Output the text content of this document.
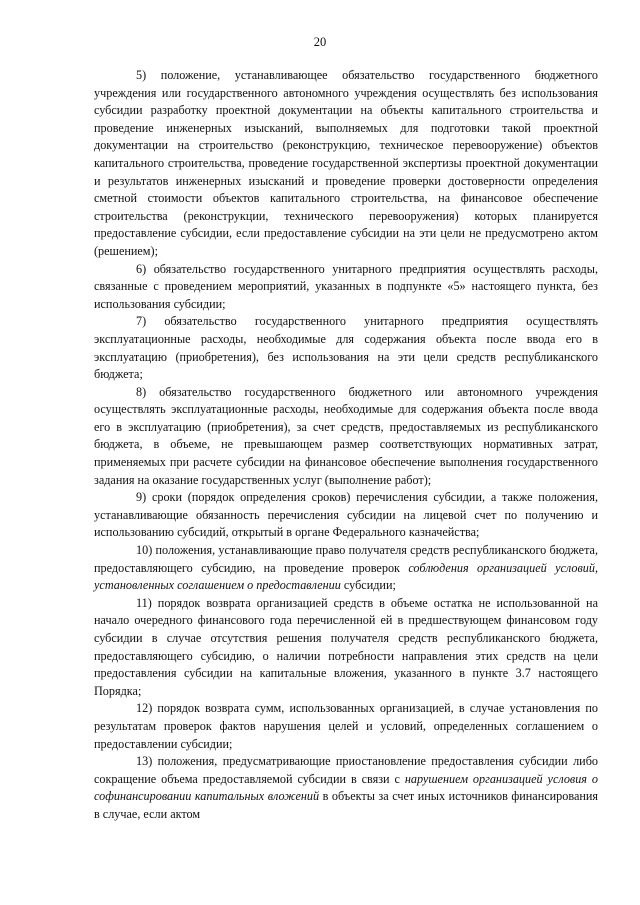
20

5) положение, устанавливающее обязательство государственного бюджетного учреждения или государственного автономного учреждения осуществлять без использования субсидии разработку проектной документации на объекты капитального строительства и проведение инженерных изысканий, выполняемых для подготовки такой проектной документации на строительство (реконструкцию, техническое перевооружение) объектов капитального строительства, проведение государственной экспертизы проектной документации и результатов инженерных изысканий и проведение проверки достоверности определения сметной стоимости объектов капитального строительства, на финансовое обеспечение строительства (реконструкции, технического перевооружения) которых планируется предоставление субсидии, если предоставление субсидии на эти цели не предусмотрено актом (решением);

6) обязательство государственного унитарного предприятия осуществлять расходы, связанные с проведением мероприятий, указанных в подпункте «5» настоящего пункта, без использования субсидии;

7) обязательство государственного унитарного предприятия осуществлять эксплуатационные расходы, необходимые для содержания объекта после ввода его в эксплуатацию (приобретения), без использования на эти цели средств республиканского бюджета;

8) обязательство государственного бюджетного или автономного учреждения осуществлять эксплуатационные расходы, необходимые для содержания объекта после ввода его в эксплуатацию (приобретения), за счет средств, предоставляемых из республиканского бюджета, в объеме, не превышающем размер соответствующих нормативных затрат, применяемых при расчете субсидии на финансовое обеспечение выполнения государственного задания на оказание государственных услуг (выполнение работ);

9) сроки (порядок определения сроков) перечисления субсидии, а также положения, устанавливающие обязанность перечисления субсидии на лицевой счет по получению и использованию субсидий, открытый в органе Федерального казначейства;

10) положения, устанавливающие право получателя средств республиканского бюджета, предоставляющего субсидию, на проведение проверок соблюдения организацией условий, установленных соглашением о предоставлении субсидии;

11) порядок возврата организацией средств в объеме остатка не использованной на начало очередного финансового года перечисленной ей в предшествующем финансовом году субсидии в случае отсутствия решения получателя средств республиканского бюджета, предоставляющего субсидию, о наличии потребности направления этих средств на цели предоставления субсидии на капитальные вложения, указанного в пункте 3.7 настоящего Порядка;

12) порядок возврата сумм, использованных организацией, в случае установления по результатам проверок фактов нарушения целей и условий, определенных соглашением о предоставлении субсидии;

13) положения, предусматривающие приостановление предоставления субсидии либо сокращение объема предоставляемой субсидии в связи с нарушением организацией условия о софинансировании капитальных вложений в объекты за счет иных источников финансирования в случае, если актом
